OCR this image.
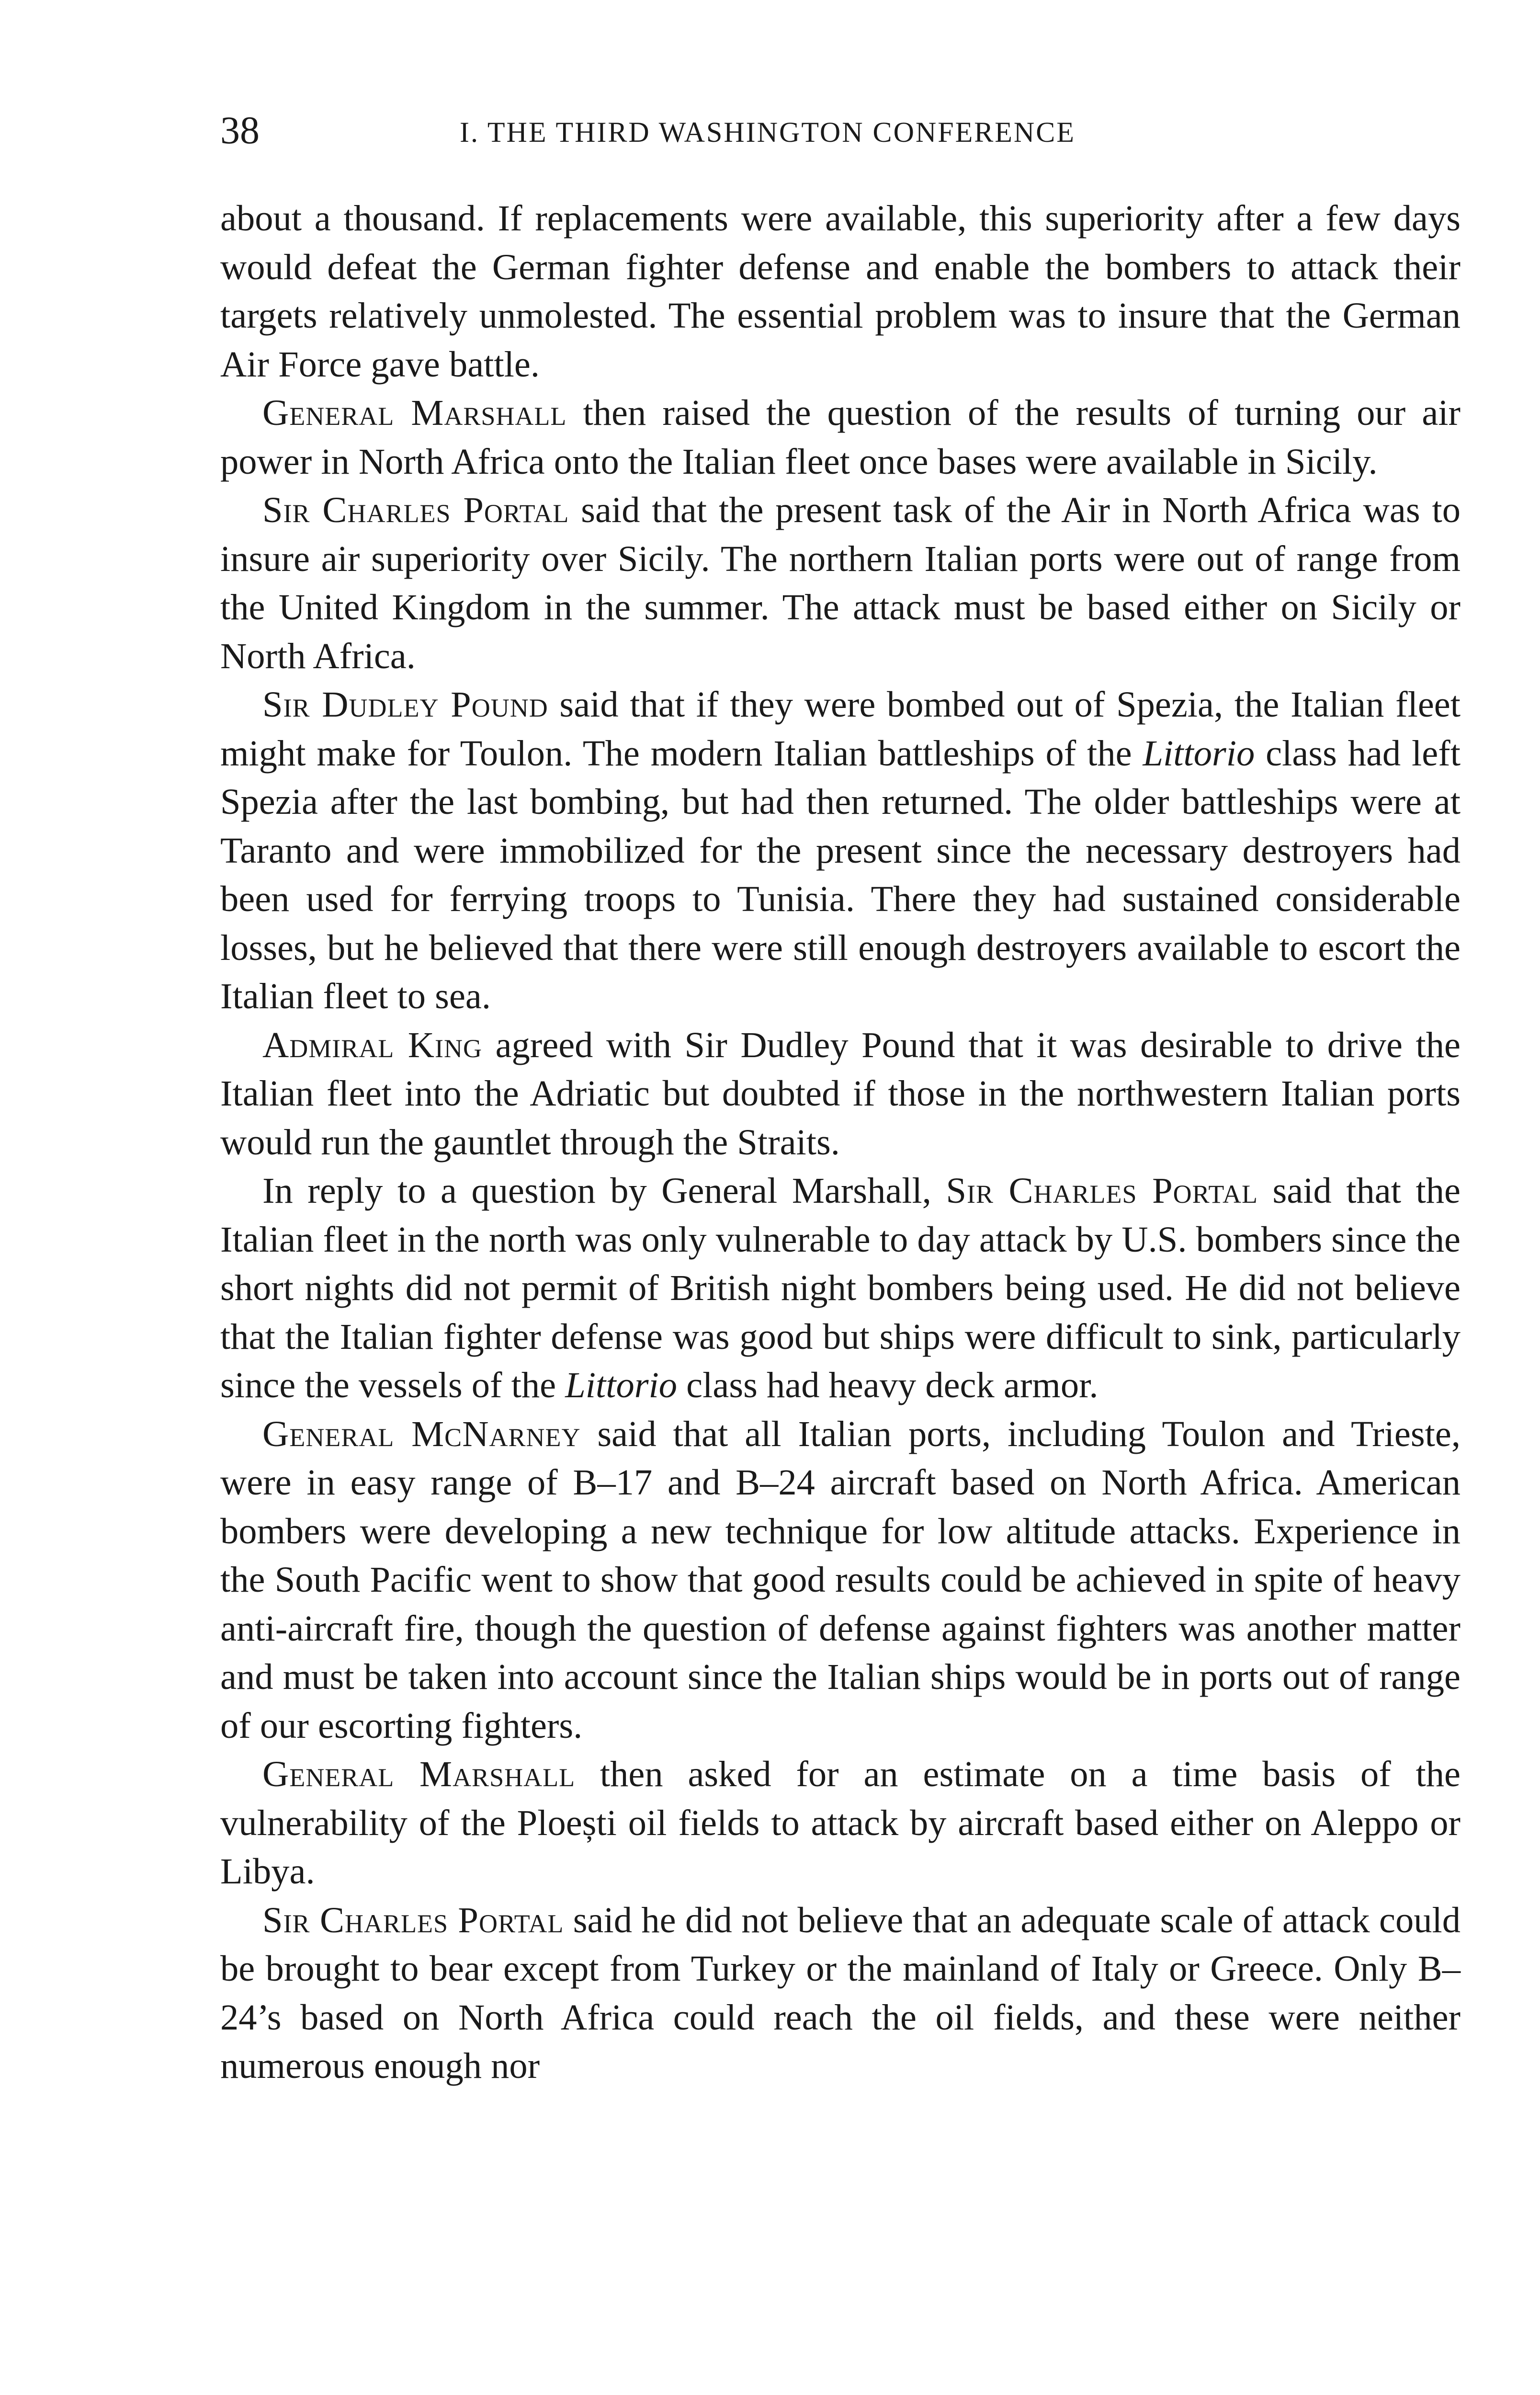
38	I. THE THIRD WASHINGTON CONFERENCE

about a thousand. If replacements were available, this superiority after a few days would defeat the German fighter defense and enable the bombers to attack their targets relatively unmolested. The essential problem was to insure that the German Air Force gave battle.

General Marshall then raised the question of the results of turning our air power in North Africa onto the Italian fleet once bases were available in Sicily.

Sir Charles Portal said that the present task of the Air in North Africa was to insure air superiority over Sicily. The northern Italian ports were out of range from the United Kingdom in the summer. The attack must be based either on Sicily or North Africa.

Sir Dudley Pound said that if they were bombed out of Spezia, the Italian fleet might make for Toulon. The modern Italian battleships of the Littorio class had left Spezia after the last bombing, but had then returned. The older battleships were at Taranto and were immobilized for the present since the necessary destroyers had been used for ferrying troops to Tunisia. There they had sustained considerable losses, but he believed that there were still enough destroyers available to escort the Italian fleet to sea.

Admiral King agreed with Sir Dudley Pound that it was desirable to drive the Italian fleet into the Adriatic but doubted if those in the northwestern Italian ports would run the gauntlet through the Straits.

In reply to a question by General Marshall, Sir Charles Portal said that the Italian fleet in the north was only vulnerable to day attack by U.S. bombers since the short nights did not permit of British night bombers being used. He did not believe that the Italian fighter defense was good but ships were difficult to sink, particularly since the vessels of the Littorio class had heavy deck armor.

General McNarney said that all Italian ports, including Toulon and Trieste, were in easy range of B–17 and B–24 aircraft based on North Africa. American bombers were developing a new technique for low altitude attacks. Experience in the South Pacific went to show that good results could be achieved in spite of heavy anti-aircraft fire, though the question of defense against fighters was another matter and must be taken into account since the Italian ships would be in ports out of range of our escorting fighters.

General Marshall then asked for an estimate on a time basis of the vulnerability of the Ploești oil fields to attack by aircraft based either on Aleppo or Libya.

Sir Charles Portal said he did not believe that an adequate scale of attack could be brought to bear except from Turkey or the mainland of Italy or Greece. Only B–24’s based on North Africa could reach the oil fields, and these were neither numerous enough nor
